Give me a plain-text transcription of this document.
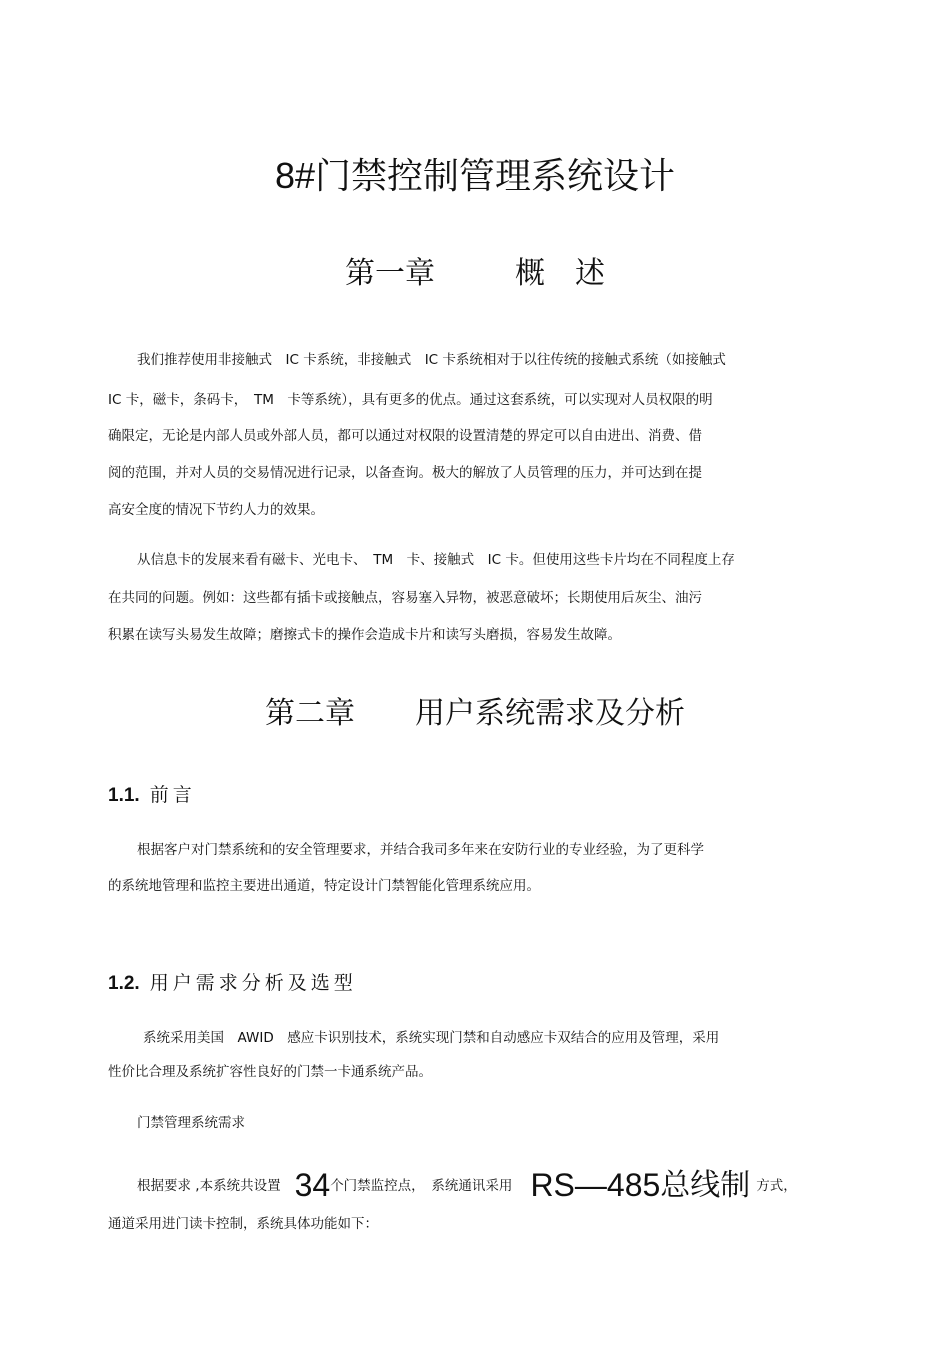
8#门禁控制管理系统设计
第一章	概　述
我们推荐使用非接触式　IC 卡系统，非接触式　IC 卡系统相对于以往传统的接触式系统（如接触式
IC 卡，磁卡，条码卡，　TM　卡等系统），具有更多的优点。通过这套系统，可以实现对人员权限的明
确限定，无论是内部人员或外部人员，都可以通过对权限的设置清楚的界定可以自由进出、消费、借
阅的范围，并对人员的交易情况进行记录，以备查询。极大的解放了人员管理的压力，并可达到在提
高安全度的情况下节约人力的效果。
从信息卡的发展来看有磁卡、光电卡、　TM　卡、接触式　IC 卡。但使用这些卡片均在不同程度上存
在共同的问题。例如：这些都有插卡或接触点，容易塞入异物，被恶意破坏；长期使用后灰尘、油污
积累在读写头易发生故障；磨擦式卡的操作会造成卡片和读写头磨损，容易发生故障。
第二章 用户系统需求及分析
1.1. 前言
根据客户对门禁系统和的安全管理要求，并结合我司多年来在安防行业的专业经验，为了更科学
的系统地管理和监控主要进出通道，特定设计门禁智能化管理系统应用。
1.2. 用户需求分析及选型
系统采用美国　AWID　感应卡识别技术，系统实现门禁和自动感应卡双结合的应用及管理，采用
性价比合理及系统扩容性良好的门禁一卡通系统产品。
门禁管理系统需求
根据要求 ,本系统共设置 34个门禁监控点，　系统通讯采用 RS—485总线制 方式，
通道采用进门读卡控制，系统具体功能如下：
